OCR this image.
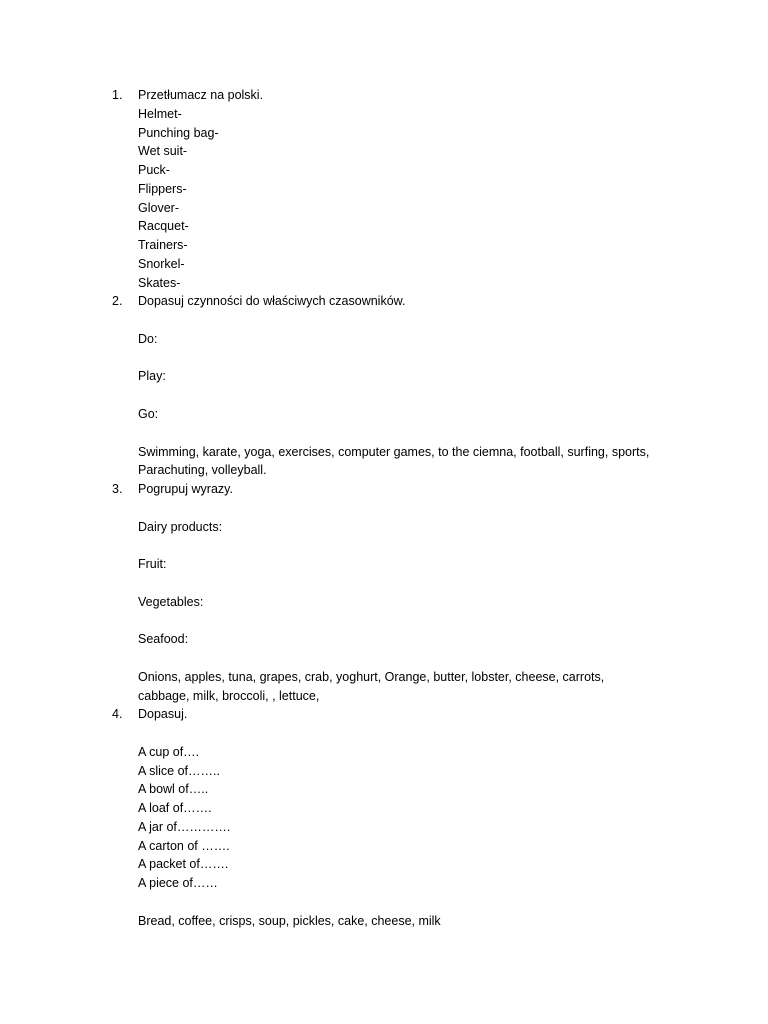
1. Przetłumacz na polski.
Helmet-
Punching bag-
Wet suit-
Puck-
Flippers-
Glover-
Racquet-
Trainers-
Snorkel-
Skates-
2. Dopasuj czynności do właściwych czasowników.
Do:
Play:
Go:
Swimming, karate, yoga, exercises, computer games, to the ciemna, football, surfing, sports,
Parachuting, volleyball.
3. Pogrupuj wyrazy.
Dairy products:
Fruit:
Vegetables:
Seafood:
Onions, apples, tuna, grapes, crab, yoghurt, Orange, butter, lobster, cheese, carrots,
cabbage, milk, broccoli, , lettuce,
4. Dopasuj.
A cup of….
A slice of……..
A bowl of…..
A loaf of…….
A jar of………….
A carton of …….
A packet of…….
A piece of……
Bread, coffee, crisps, soup, pickles, cake, cheese, milk
